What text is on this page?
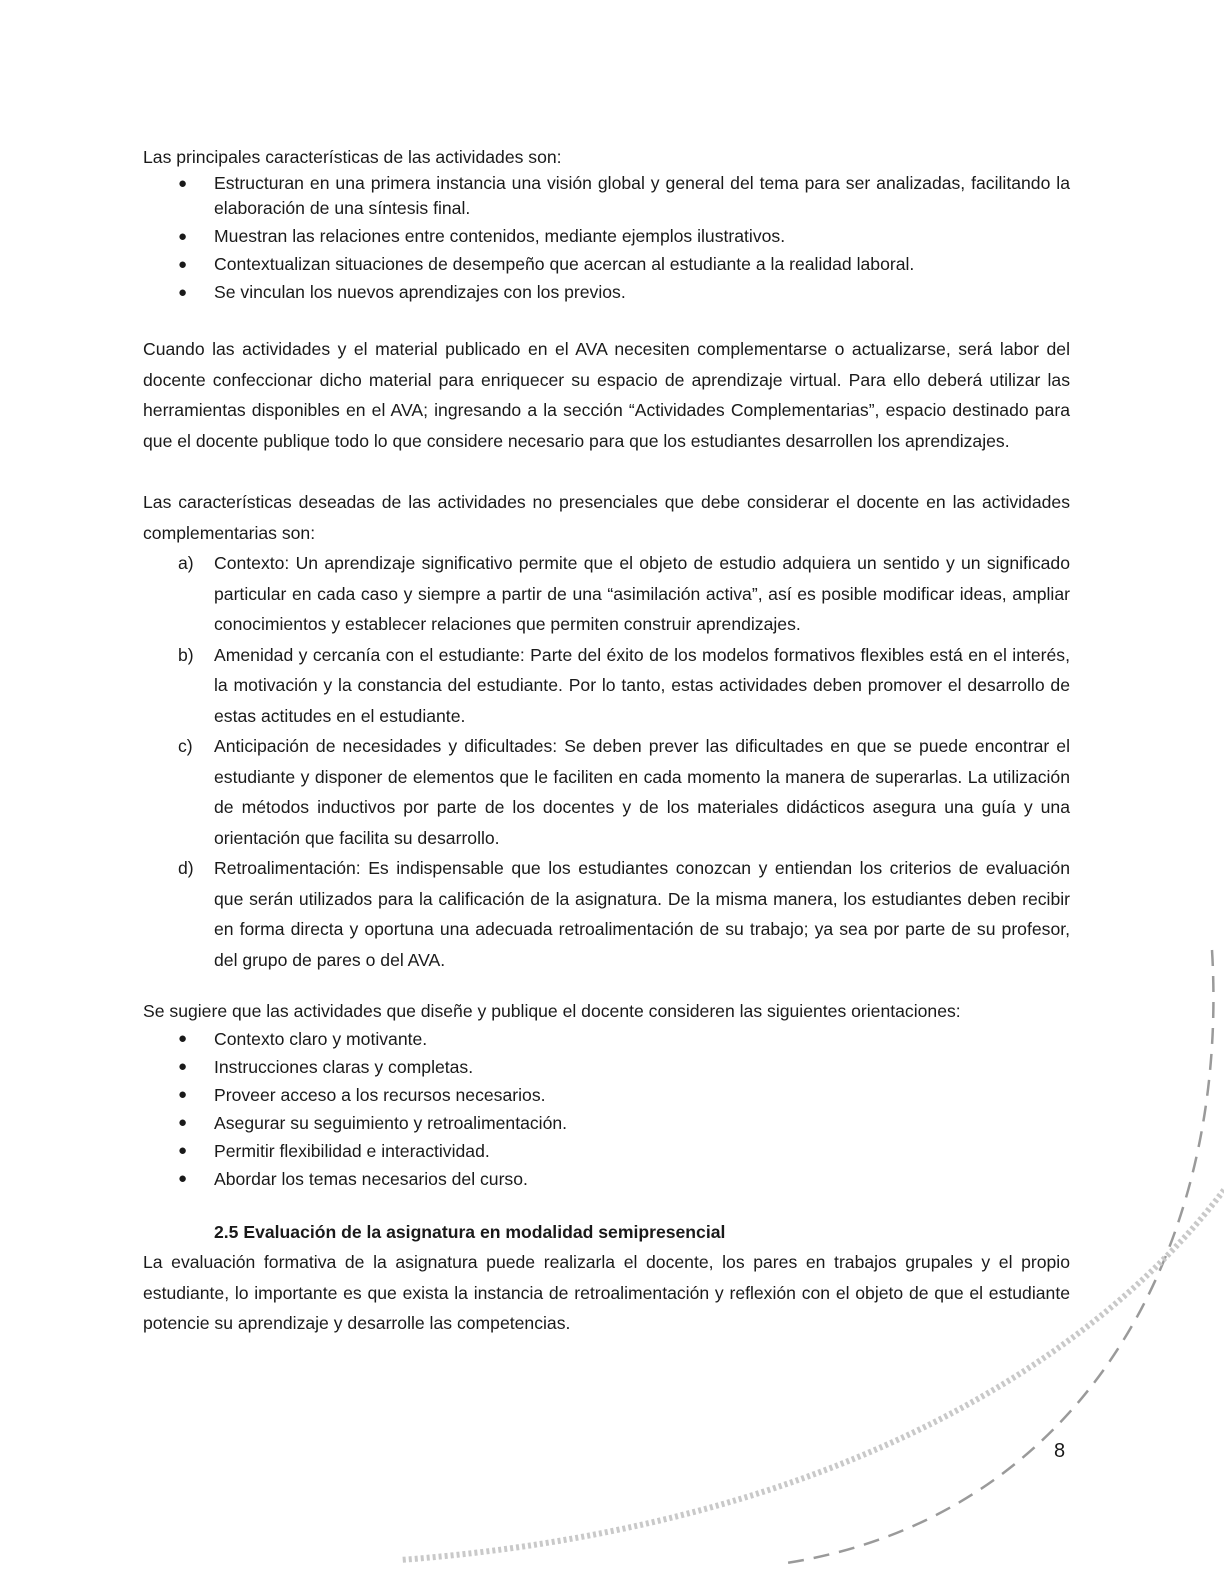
Las principales características de las actividades son:

● Estructuran en una primera instancia una visión global y general del tema para ser analizadas, facilitando la elaboración de una síntesis final.
● Muestran las relaciones entre contenidos, mediante ejemplos ilustrativos.
● Contextualizan situaciones de desempeño que acercan al estudiante a la realidad laboral.
● Se vinculan los nuevos aprendizajes con los previos.

Cuando las actividades y el material publicado en el AVA necesiten complementarse o actualizarse, será labor del docente confeccionar dicho material para enriquecer su espacio de aprendizaje virtual. Para ello deberá utilizar las herramientas disponibles en el AVA; ingresando a la sección “Actividades Complementarias”, espacio destinado para que el docente publique todo lo que considere necesario para que los estudiantes desarrollen los aprendizajes.

Las características deseadas de las actividades no presenciales que debe considerar el docente en las actividades complementarias son:

a) Contexto: Un aprendizaje significativo permite que el objeto de estudio adquiera un sentido y un significado particular en cada caso y siempre a partir de una “asimilación activa”, así es posible modificar ideas, ampliar conocimientos y establecer relaciones que permiten construir aprendizajes.
b) Amenidad y cercanía con el estudiante: Parte del éxito de los modelos formativos flexibles está en el interés, la motivación y la constancia del estudiante. Por lo tanto, estas actividades deben promover el desarrollo de estas actitudes en el estudiante.
c) Anticipación de necesidades y dificultades: Se deben prever las dificultades en que se puede encontrar el estudiante y disponer de elementos que le faciliten en cada momento la manera de superarlas. La utilización de métodos inductivos por parte de los docentes y de los materiales didácticos asegura una guía y una orientación que facilita su desarrollo.
d) Retroalimentación: Es indispensable que los estudiantes conozcan y entiendan los criterios de evaluación que serán utilizados para la calificación de la asignatura. De la misma manera, los estudiantes deben recibir en forma directa y oportuna una adecuada retroalimentación de su trabajo; ya sea por parte de su profesor, del grupo de pares o del AVA.

Se sugiere que las actividades que diseñe y publique el docente consideren las siguientes orientaciones:

● Contexto claro y motivante.
● Instrucciones claras y completas.
● Proveer acceso a los recursos necesarios.
● Asegurar su seguimiento y retroalimentación.
● Permitir flexibilidad e interactividad.
● Abordar los temas necesarios del curso.
2.5 Evaluación de la asignatura en modalidad semipresencial

La evaluación formativa de la asignatura puede realizarla el docente, los pares en trabajos grupales y el propio estudiante, lo importante es que exista la instancia de retroalimentación y reflexión con el objeto de que el estudiante potencie su aprendizaje y desarrolle las competencias.

8
